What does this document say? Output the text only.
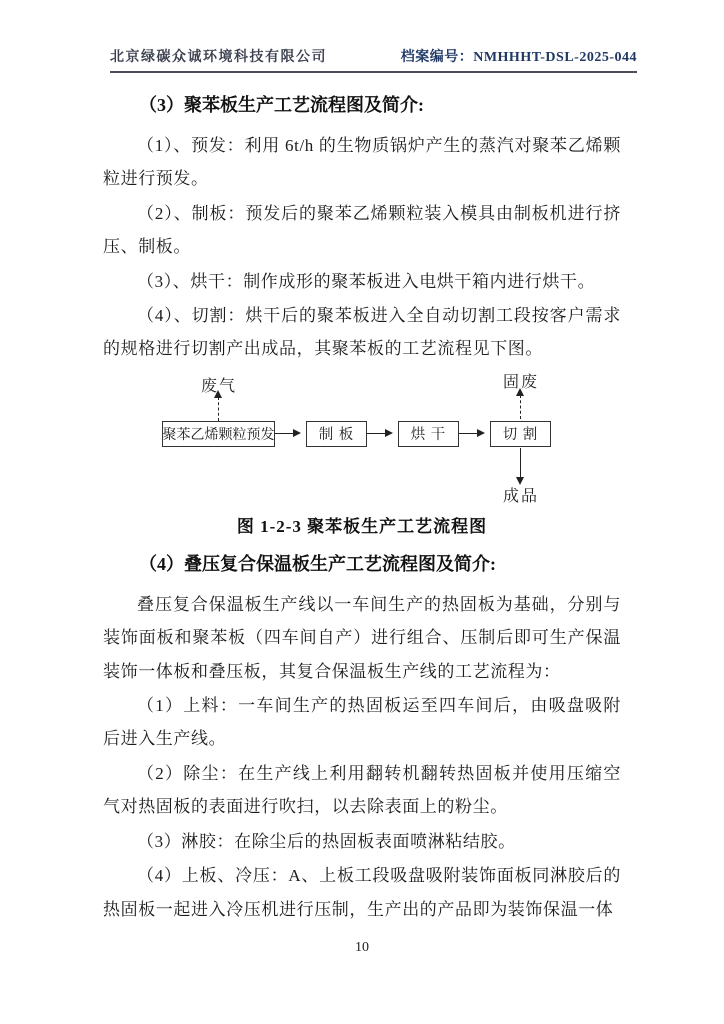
北京绿碳众诚环境科技有限公司	档案编号：NMHHHT-DSL-2025-044
（3）聚苯板生产工艺流程图及简介:

（1）、预发：利用 6t/h 的生物质锅炉产生的蒸汽对聚苯乙烯颗粒进行预发。

（2）、制板：预发后的聚苯乙烯颗粒装入模具由制板机进行挤压、制板。

（3）、烘干：制作成形的聚苯板进入电烘干箱内进行烘干。

（4）、切割：烘干后的聚苯板进入全自动切割工段按客户需求的规格进行切割产出成品，其聚苯板的工艺流程见下图。

废气	固废
聚苯乙烯颗粒预发	制 板	烘 干	切 割
成品
图 1-2-3 聚苯板生产工艺流程图
（4）叠压复合保温板生产工艺流程图及简介:

叠压复合保温板生产线以一车间生产的热固板为基础，分别与装饰面板和聚苯板（四车间自产）进行组合、压制后即可生产保温装饰一体板和叠压板，其复合保温板生产线的工艺流程为：

（1）上料：一车间生产的热固板运至四车间后，由吸盘吸附后进入生产线。

（2）除尘：在生产线上利用翻转机翻转热固板并使用压缩空气对热固板的表面进行吹扫，以去除表面上的粉尘。

（3）淋胶：在除尘后的热固板表面喷淋粘结胶。

（4）上板、冷压：A、上板工段吸盘吸附装饰面板同淋胶后的热固板一起进入冷压机进行压制，生产出的产品即为装饰保温一体

10
